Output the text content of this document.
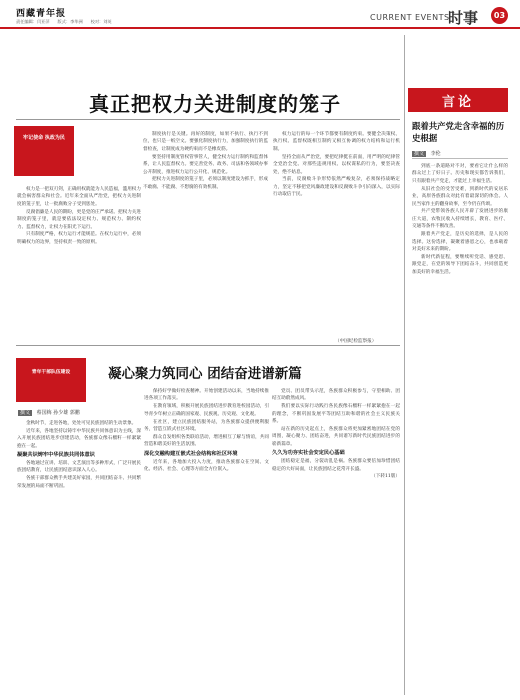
西藏青年报
责任编辑：闫亚萍 版式：李华洲 校对：刘英	CURRENT EVENTS
时事	03
真正把权力关进制度的笼子
牢记使命 执政为民

权力是一把双刃剑，正确用权就能为人民造福，滥用权力就会祸害群众和社会。近年来全面从严治党，把权力关进制度的笼子里，让一批腐败分子受到惩处。

反腐倡廉是人民的期盼，更是党的庄严承诺。把权力关进制度的笼子里，就是要依法设定权力、规范权力、制约权力、监督权力，让权力在阳光下运行。

只有制度严格，权力运行才能规范。在权力运行中，必须明确权力的边界，坚持权责一致的原则。

制度执行是关键。再好的制度，如果不执行、执行不到位，也只是一纸空文。要强化制度执行力，加强制度执行的监督检查，让制度成为硬约束而不是橡皮筋。

要坚持用制度管权管事管人，健全权力运行制约和监督体系，让人民监督权力。要完善党务、政务、司法和各领域办事公开制度，推进权力运行公开化、规范化。

把权力关进制度的笼子里，必须以制度建设为抓手，形成不敢腐、不能腐、不想腐的有效机制。

权力运行的每一个环节都要有制度约束。要健全决策权、执行权、监督权既相互制约又相互协调的权力结构和运行机制。

坚持全面从严治党，要把纪律挺在前面，用严明的纪律管全党治全党。对那些违规用权、以权谋私的行为，要坚决查处，绝不姑息。

当前，反腐败斗争形势依然严峻复杂，必须保持战略定力，坚定不移把党风廉政建设和反腐败斗争引向深入，以实际行动取信于民。

（中国纪检监察报）
言论
跟着共产党走含幸福的历史根据
撰文 李伦

到底一条道路对不对，要看它让什么样的群众过上了好日子。历史和现实都告诉我们，只有跟着共产党走，才能过上幸福生活。

从旧社会的受苦受难，到新时代的安居乐业，高原各族群众对此有着最深切的体会。人民当家作主的翻身故事，至今仍在传颂。

共产党带领各族人民开辟了发展进步的康庄大道，农牧民收入持续增长，教育、医疗、交通等条件不断改善。

跟着共产党走，是历史的选择，是人民的选择。这份选择，凝聚着感恩之心，也承载着对美好未来的期盼。

新时代新征程，要继续听党话、感党恩、跟党走，在党的领导下团结奋斗，共同创造更加美好的幸福生活。

青年干部队伍建设	凝心聚力筑同心 团结奋进谱新篇
撰文 蔡国梅 孙少雄 郭鹏

金秋时节，走进各地，处处可见民族团结的生动景象。

近年来，各地坚持以铸牢中华民族共同体意识为主线，深入开展民族团结进步创建活动，各族群众像石榴籽一样紧紧抱在一起。

凝聚共识铸牢中华民族共同体意识

各地通过宣讲、培训、文艺演出等多种形式，广泛开展民族团结教育，让民族团结意识深入人心。

各族干部群众携手共建美好家园，共同团结奋斗、共同繁荣发展的局面不断巩固。

保持好学做好检查精神。开始创建活动以来，当地持续推进各项工作落实。

在教育领域，积极开展民族团结进步教育进校园活动，引导青少年树立正确的国家观、民族观、历史观、文化观。

在社区，建立民族团结服务站，为各族群众提供便利服务，营造互嵌式社区环境。

群众自发组织各类联谊活动，增进相互了解与情谊，共同营造和谐美好的生活氛围。

深化交融构建互嵌式社会结构和社区环境

近年来，各地加大投入力度，推动各族群众在空间、文化、经济、社会、心理等方面全方位嵌入。

党员、团员带头示范，各族群众积极参与，守望相助、团结互助蔚然成风。

我们要以实际行动践行各民族像石榴籽一样紧紧抱在一起的理念，不断巩固发展平等团结互助和谐的社会主义民族关系。

站在新的历史起点上，各族群众将更加紧密地团结在党的周围，凝心聚力、团结奋进，共同谱写新时代民族团结进步的崭新篇章。

久久为功夯实社会安定民心基础

团结稳定是福，分裂动乱是祸。各族群众要倍加珍惜团结稳定的大好局面，让民族团结之花常开长盛。

（下转11版）
